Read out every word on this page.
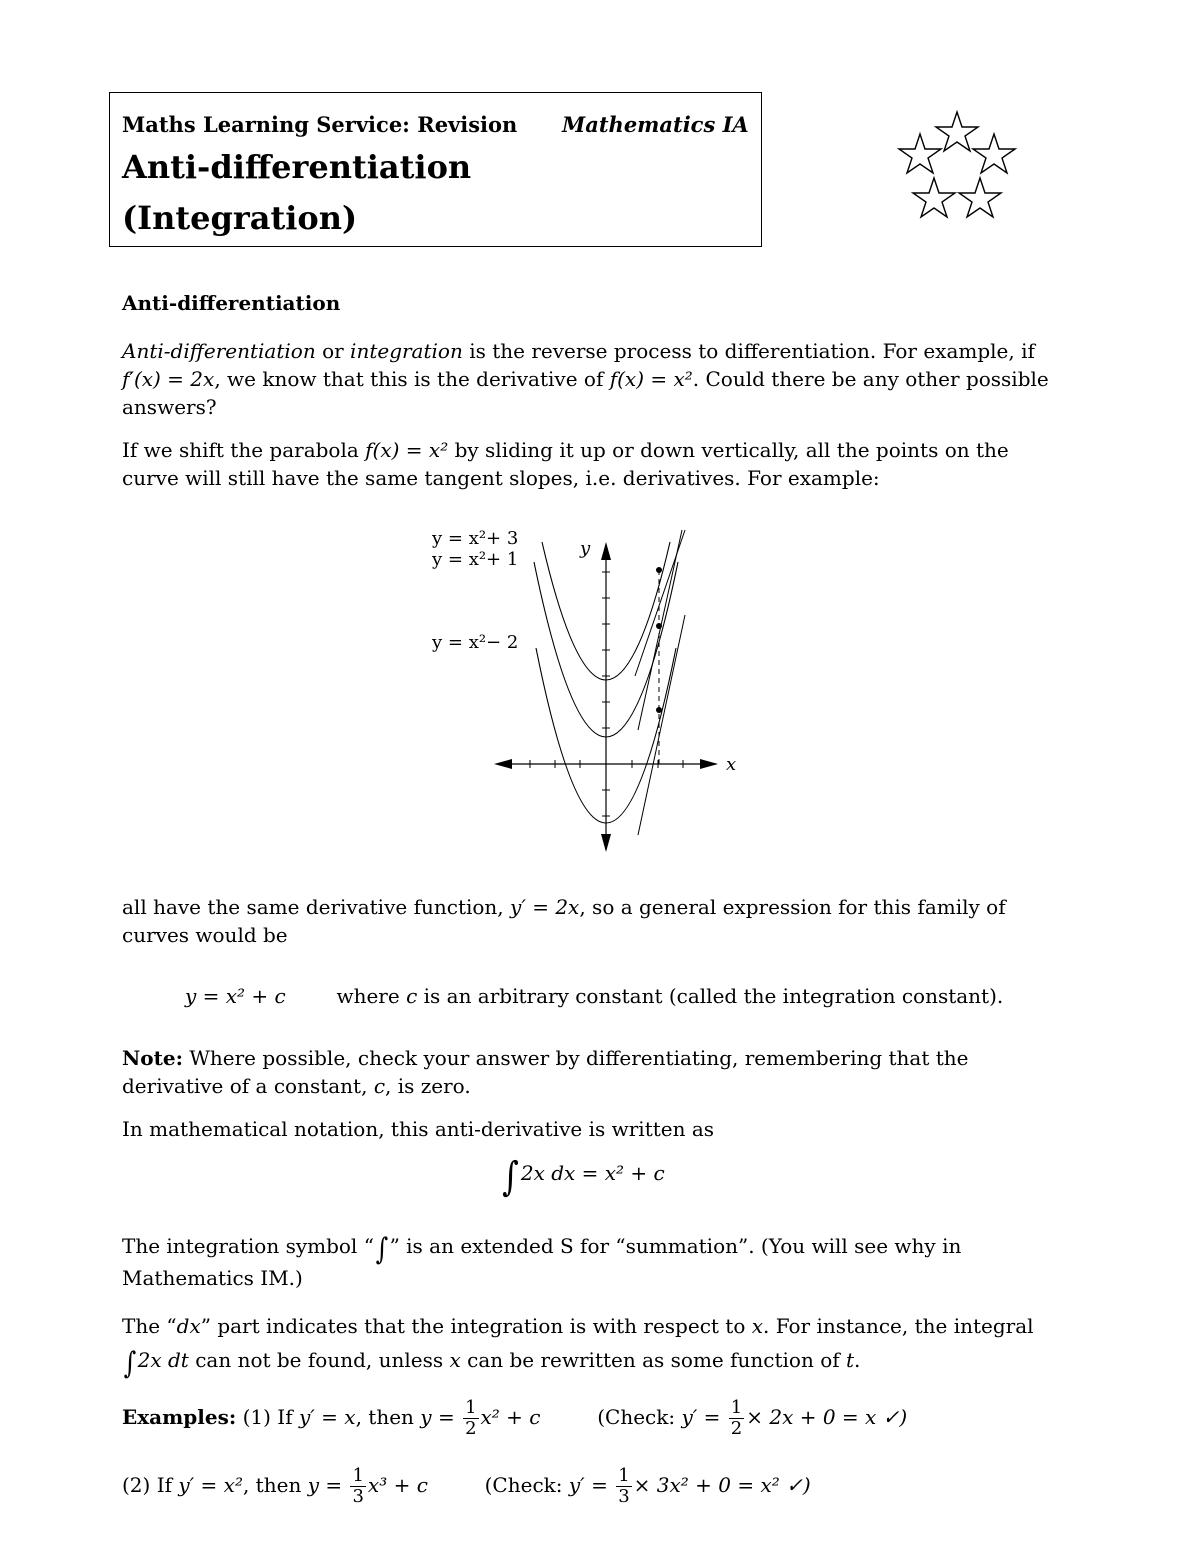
Maths Learning Service: Revision Mathematics IA
Anti-differentiation
(Integration)
Anti-differentiation
Anti-differentiation or integration is the reverse process to differentiation. For example, if f′(x) = 2x, we know that this is the derivative of f(x) = x². Could there be any other possible answers?
If we shift the parabola f(x) = x² by sliding it up or down vertically, all the points on the curve will still have the same tangent slopes, i.e. derivatives. For example:
y = x²+ 3
y = x²+ 1
y = x²− 2
y
x
all have the same derivative function, y′ = 2x, so a general expression for this family of curves would be
y = x² + c	where c is an arbitrary constant (called the integration constant).
Note: Where possible, check your answer by differentiating, remembering that the derivative of a constant, c, is zero.
In mathematical notation, this anti-derivative is written as
∫ 2x dx = x² + c
The integration symbol “∫” is an extended S for “summation”. (You will see why in Mathematics IM.)
The “dx” part indicates that the integration is with respect to x. For instance, the integral ∫2x dt can not be found, unless x can be rewritten as some function of t.
Examples: (1) If y′ = x, then $y = \frac{1}{2} x^2 + c$	(Check: $y' = \frac{1}{2} \times 2x + 0 = x$ ✓)
(2) If y′ = x², then $y = \frac{1}{3} x^3 + c$	(Check: $y' = \frac{1}{3} \times 3x^2 + 0 = x^2$ ✓)
